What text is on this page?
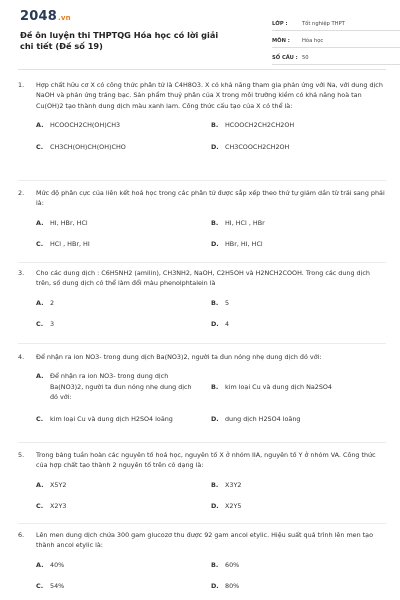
2048.vn
Đề ôn luyện thi THPTQG Hóa học có lời giải chi tiết (Đề số 19)
LỚP :	Tốt nghiệp THPT
MÔN :	Hóa học
SỐ CÂU : 50
1.	Hợp chất hữu cơ X có công thức phân tử là C4H8O3. X có khả năng tham gia phản ứng với Na, với dung dịch NaOH và phản ứng tráng bạc. Sản phẩm thuỷ phân của X trong môi trường kiềm có khả năng hoà tan Cu(OH)2 tạo thành dung dịch màu xanh lam. Công thức cấu tạo của X có thể là:
A.	HCOOCH2CH(OH)CH3	B.	HCOOCH2CH2CH2OH
C.	CH3CH(OH)CH(OH)CHO	D. CH3COOCH2CH2OH
2.	Mức độ phân cực của liên kết hoá học trong các phân tử được sắp xếp theo thứ tự giảm dần từ trái sang phải là:
A.	HI, HBr, HCl	B.	HI, HCl , HBr
C.	HCl , HBr, HI	D. HBr, HI, HCl
3.	Cho các dung dịch : C6H5NH2 (amilin), CH3NH2, NaOH, C2H5OH và H2NCH2COOH. Trong các dung dịch trên, số dung dịch có thể làm đổi màu phenolphtalein là
A.	2	B.	5
C.	3	D. 4
4.	Để nhận ra ion NO3- trong dung dịch Ba(NO3)2, người ta đun nóng nhẹ dung dịch đó với:
A.	Để nhận ra ion NO3- trong dung dịch Ba(NO3)2, người ta đun nóng nhẹ dung dịch đó với:
B.	kim loại Cu và dung dịch Na2SO4
C.	kim loại Cu và dung dịch H2SO4 loãng	D. dung dịch H2SO4 loãng
5.	Trong bảng tuần hoàn các nguyên tố hoá học, nguyên tố X ở nhóm IIA, nguyên tố Y ở nhóm VA. Công thức của hợp chất tạo thành 2 nguyên tố trên có dạng là:
A.	X5Y2	B.	X3Y2
C.	X2Y3	D. X2Y5
6.	Lên men dung dịch chứa 300 gam glucozơ thu được 92 gam ancol etylic. Hiệu suất quá trình lên men tạo thành ancol etylic là:
A.	40%	B.	60%
C.	54%	D. 80%
